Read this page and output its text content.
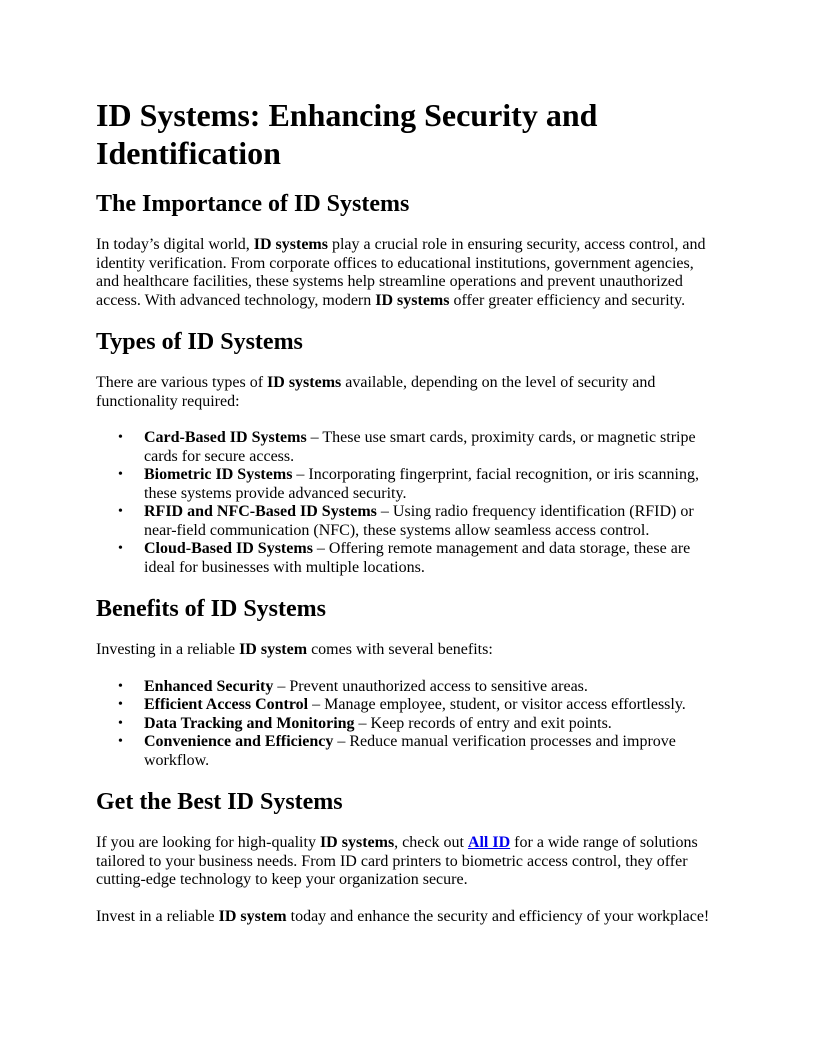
ID Systems: Enhancing Security and Identification
The Importance of ID Systems

In today’s digital world, ID systems play a crucial role in ensuring security, access control, and identity verification. From corporate offices to educational institutions, government agencies, and healthcare facilities, these systems help streamline operations and prevent unauthorized access. With advanced technology, modern ID systems offer greater efficiency and security.

Types of ID Systems

There are various types of ID systems available, depending on the level of security and functionality required:

• Card-Based ID Systems – These use smart cards, proximity cards, or magnetic stripe cards for secure access.
• Biometric ID Systems – Incorporating fingerprint, facial recognition, or iris scanning, these systems provide advanced security.
• RFID and NFC-Based ID Systems – Using radio frequency identification (RFID) or near-field communication (NFC), these systems allow seamless access control.
• Cloud-Based ID Systems – Offering remote management and data storage, these are ideal for businesses with multiple locations.
Benefits of ID Systems

Investing in a reliable ID system comes with several benefits:

• Enhanced Security – Prevent unauthorized access to sensitive areas.
• Efficient Access Control – Manage employee, student, or visitor access effortlessly.
• Data Tracking and Monitoring – Keep records of entry and exit points.
• Convenience and Efficiency – Reduce manual verification processes and improve workflow.
Get the Best ID Systems

If you are looking for high-quality ID systems, check out All ID for a wide range of solutions tailored to your business needs. From ID card printers to biometric access control, they offer cutting-edge technology to keep your organization secure.

Invest in a reliable ID system today and enhance the security and efficiency of your workplace!
